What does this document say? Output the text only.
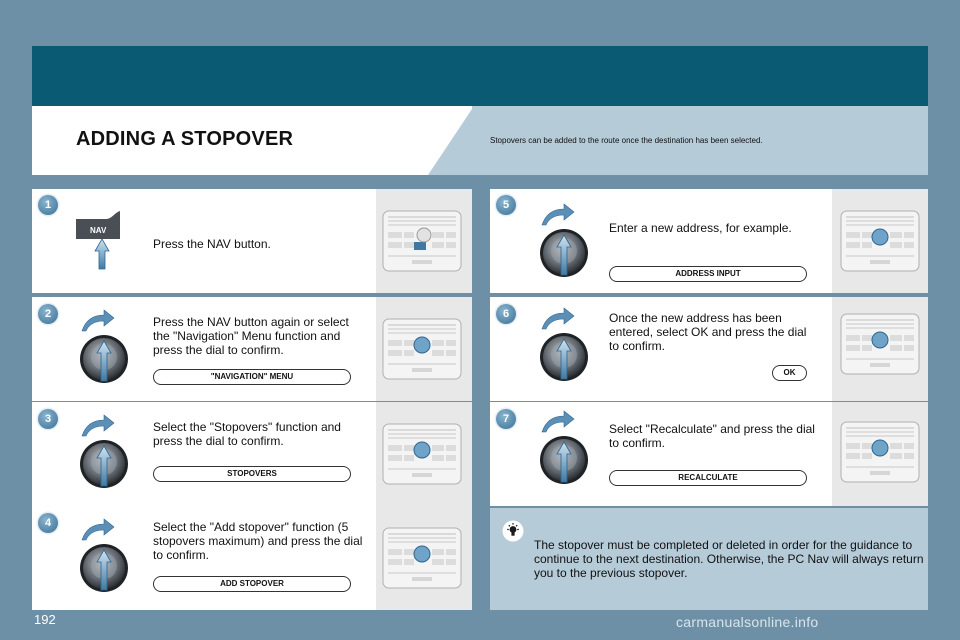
ADDING A STOPOVER	Stopovers can be added to the route once the destination has been selected.
NAV
Press the NAV button.
Press the NAV button again or select the "Navigation" Menu function and press the dial to confirm.
"NAVIGATION" MENU
Select the "Stopovers" function and press the dial to confirm.
STOPOVERS
Select the "Add stopover" function (5 stopovers maximum) and press the dial to confirm.
ADD STOPOVER
Enter a new address, for example.
ADDRESS INPUT
Once the new address has been entered, select OK and press the dial to confirm.
OK
Select "Recalculate" and press the dial to confirm.
RECALCULATE
1
2
3
4
5
6
7
The stopover must be completed or deleted in order for the guidance to continue to the next destination. Otherwise, the PC Nav will always return you to the previous stopover.
192	carmanualsonline.info
